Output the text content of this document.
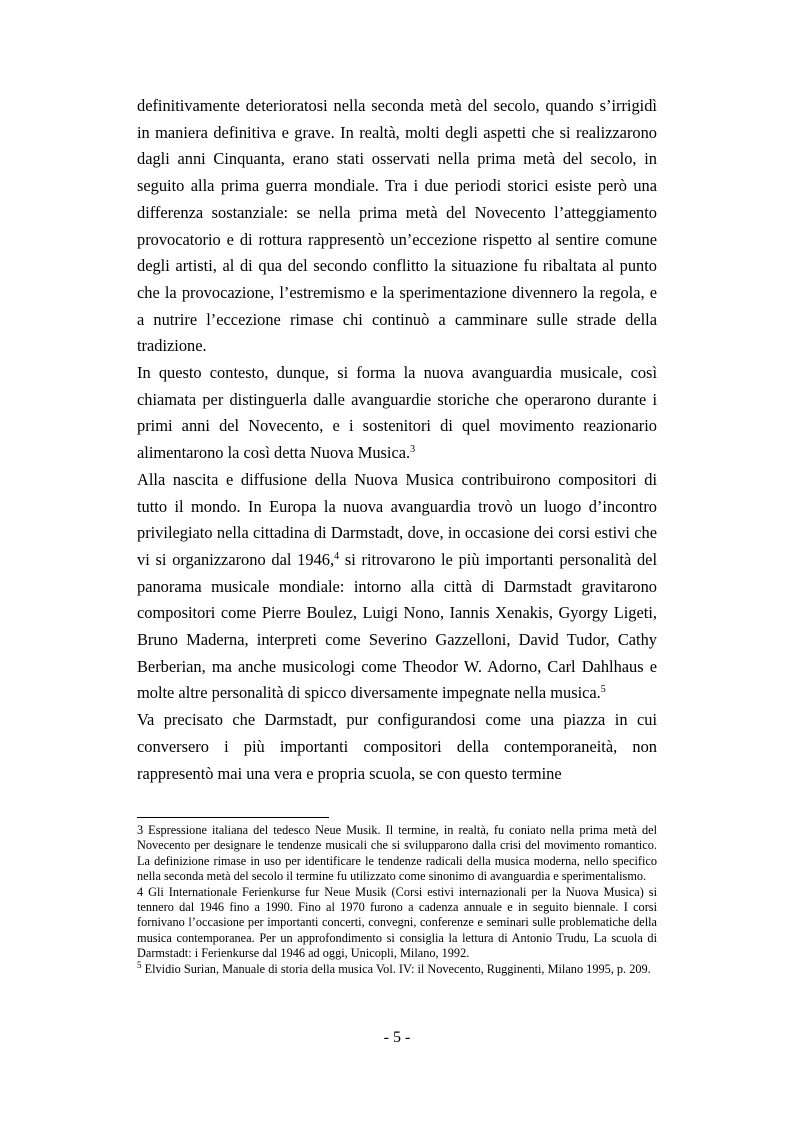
definitivamente deterioratosi nella seconda metà del secolo, quando s’irrigidì in maniera definitiva e grave. In realtà, molti degli aspetti che si realizzarono dagli anni Cinquanta, erano stati osservati nella prima metà del secolo, in seguito alla prima guerra mondiale. Tra i due periodi storici esiste però una differenza sostanziale: se nella prima metà del Novecento l’atteggiamento provocatorio e di rottura rappresentò un’eccezione rispetto al sentire comune degli artisti, al di qua del secondo conflitto la situazione fu ribaltata al punto che la provocazione, l’estremismo e la sperimentazione divennero la regola, e a nutrire l’eccezione rimase chi continuò a camminare sulle strade della tradizione.

In questo contesto, dunque, si forma la nuova avanguardia musicale, così chiamata per distinguerla dalle avanguardie storiche che operarono durante i primi anni del Novecento, e i sostenitori di quel movimento reazionario alimentarono la così detta Nuova Musica.$^3$

Alla nascita e diffusione della Nuova Musica contribuirono compositori di tutto il mondo. In Europa la nuova avanguardia trovò un luogo d’incontro privilegiato nella cittadina di Darmstadt, dove, in occasione dei corsi estivi che vi si organizzarono dal 1946,$^4$ si ritrovarono le più importanti personalità del panorama musicale mondiale: intorno alla città di Darmstadt gravitarono compositori come Pierre Boulez, Luigi Nono, Iannis Xenakis, Gyorgy Ligeti, Bruno Maderna, interpreti come Severino Gazzelloni, David Tudor, Cathy Berberian, ma anche musicologi come Theodor W. Adorno, Carl Dahlhaus e molte altre personalità di spicco diversamente impegnate nella musica.$^5$

Va precisato che Darmstadt, pur configurandosi come una piazza in cui conversero i più importanti compositori della contemporaneità, non rappresentò mai una vera e propria scuola, se con questo termine

3 Espressione italiana del tedesco Neue Musik. Il termine, in realtà, fu coniato nella prima metà del Novecento per designare le tendenze musicali che si svilupparono dalla crisi del movimento romantico. La definizione rimase in uso per identificare le tendenze radicali della musica moderna, nello specifico nella seconda metà del secolo il termine fu utilizzato come sinonimo di avanguardia e sperimentalismo.

4 Gli Internationale Ferienkurse fur Neue Musik (Corsi estivi internazionali per la Nuova Musica) si tennero dal 1946 fino a 1990. Fino al 1970 furono a cadenza annuale e in seguito biennale. I corsi fornivano l’occasione per importanti concerti, convegni, conferenze e seminari sulle problematiche della musica contemporanea. Per un approfondimento si consiglia la lettura di Antonio Trudu, La scuola di Darmstadt: i Ferienkurse dal 1946 ad oggi, Unicopli, Milano, 1992.

$^5$ Elvidio Surian, Manuale di storia della musica Vol. IV: il Novecento, Rugginenti, Milano 1995, p. 209.

- 5 -
